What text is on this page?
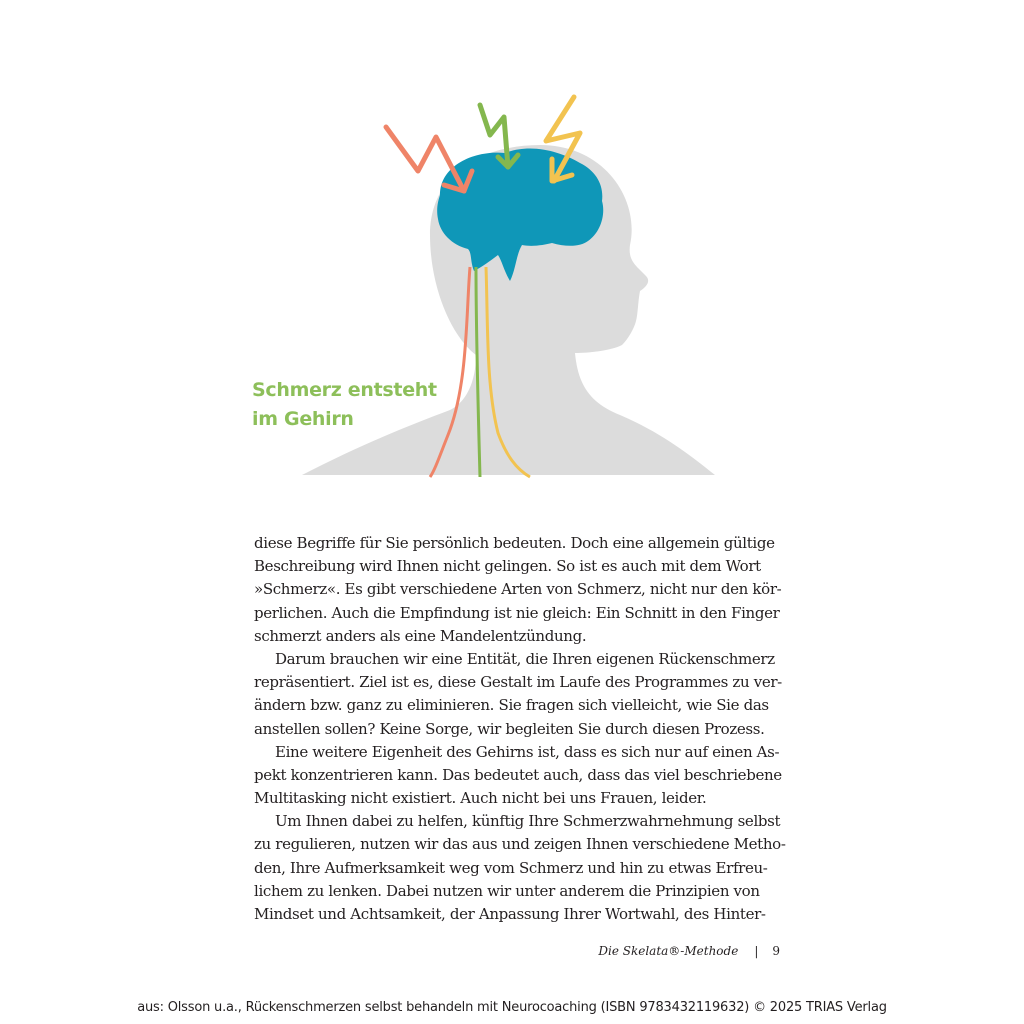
Schmerz entsteht
im Gehirn
diese Begriffe für Sie persönlich bedeuten. Doch eine allgemein gültige
Beschreibung wird Ihnen nicht gelingen. So ist es auch mit dem Wort
»Schmerz«. Es gibt verschiedene Arten von Schmerz, nicht nur den kör-
perlichen. Auch die Empfindung ist nie gleich: Ein Schnitt in den Finger
schmerzt anders als eine Mandelentzündung.
Darum brauchen wir eine Entität, die Ihren eigenen Rückenschmerz
repräsentiert. Ziel ist es, diese Gestalt im Laufe des Programmes zu ver-
ändern bzw. ganz zu eliminieren. Sie fragen sich vielleicht, wie Sie das
anstellen sollen? Keine Sorge, wir begleiten Sie durch diesen Prozess.
Eine weitere Eigenheit des Gehirns ist, dass es sich nur auf einen As-
pekt konzentrieren kann. Das bedeutet auch, dass das viel beschriebene
Multitasking nicht existiert. Auch nicht bei uns Frauen, leider.
Um Ihnen dabei zu helfen, künftig Ihre Schmerzwahrnehmung selbst
zu regulieren, nutzen wir das aus und zeigen Ihnen verschiedene Metho-
den, Ihre Aufmerksamkeit weg vom Schmerz und hin zu etwas Erfreu-
lichem zu lenken. Dabei nutzen wir unter anderem die Prinzipien von
Mindset und Achtsamkeit, der Anpassung Ihrer Wortwahl, des Hinter-
Die Skelata®-Methode | 9
aus: Olsson u.a., Rückenschmerzen selbst behandeln mit Neurocoaching (ISBN 9783432119632) © 2025 TRIAS Verlag
